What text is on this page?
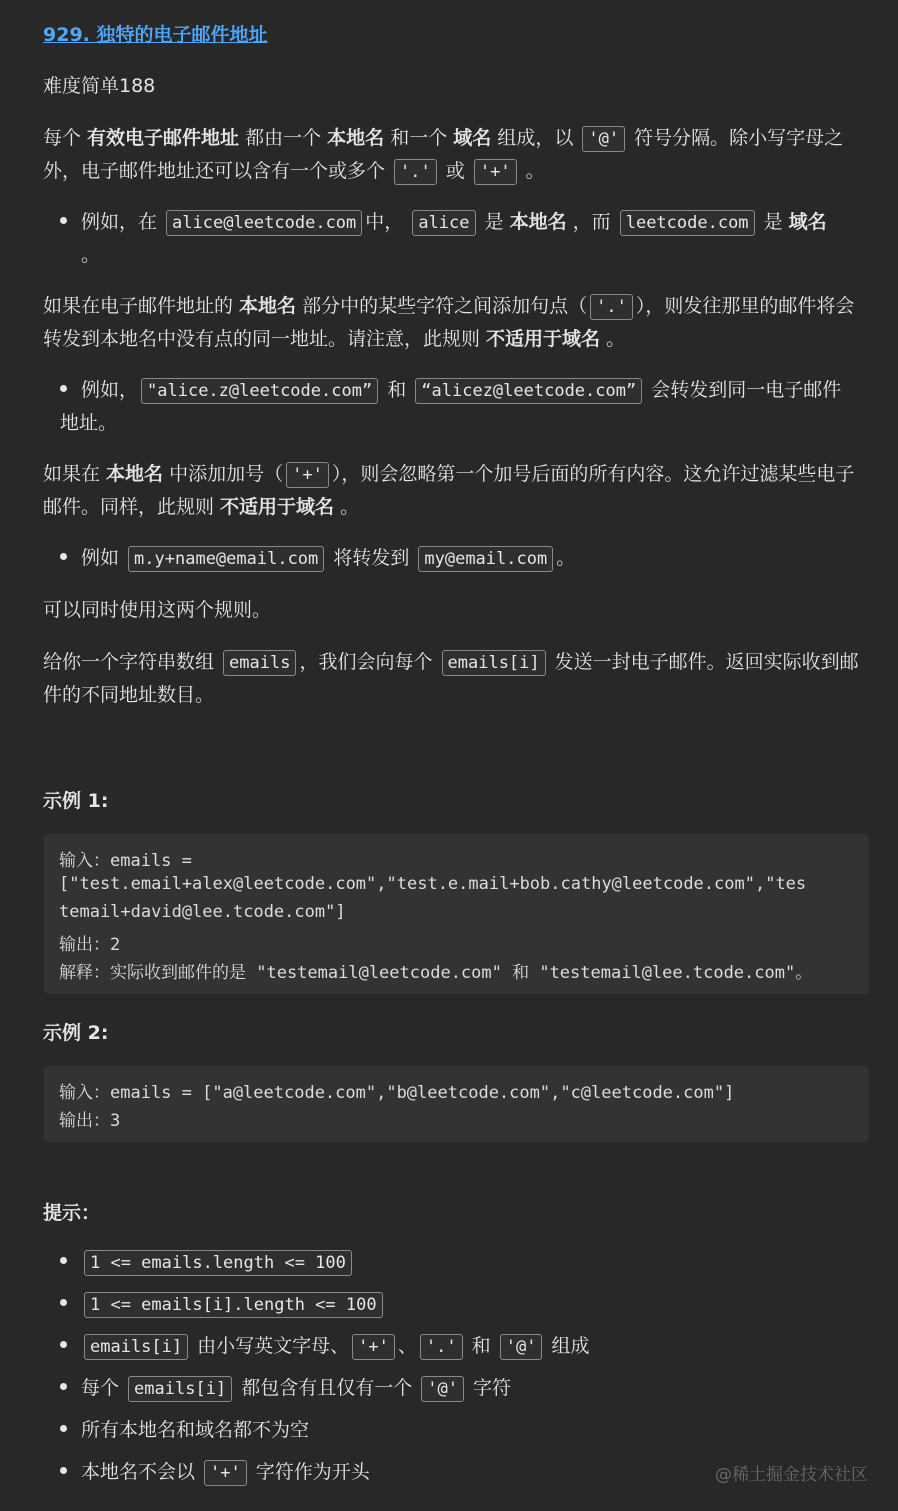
929. 独特的电子邮件地址
难度简单188
每个 有效电子邮件地址 都由一个 本地名 和一个 域名 组成，以 '@' 符号分隔。除小写字母之外，电子邮件地址还可以含有一个或多个 '.' 或 '+' 。
例如，在 alice@leetcode.com 中， alice 是 本地名 ，而 leetcode.com 是 域名
。
如果在电子邮件地址的 本地名 部分中的某些字符之间添加句点（ '.' ），则发往那里的邮件将会转发到本地名中没有点的同一地址。请注意，此规则 不适用于域名 。
例如， "alice.z@leetcode.com” 和 “alicez@leetcode.com” 会转发到同一电子邮件地址。
如果在 本地名 中添加加号（ '+' ），则会忽略第一个加号后面的所有内容。这允许过滤某些电子邮件。同样，此规则 不适用于域名 。
例如 m.y+name@email.com 将转发到 my@email.com 。
可以同时使用这两个规则。
给你一个字符串数组 emails ，我们会向每个 emails[i] 发送一封电子邮件。返回实际收到邮件的不同地址数目。
示例 1:
输入：emails =
["test.email+alex@leetcode.com","test.e.mail+bob.cathy@leetcode.com","tes
temail+david@lee.tcode.com"]
输出：2
解释：实际收到邮件的是 "testemail@leetcode.com" 和 "testemail@lee.tcode.com"。
示例 2:
输入：emails = ["a@leetcode.com","b@leetcode.com","c@leetcode.com"]
输出：3
提示：
1 <= emails.length <= 100
1 <= emails[i].length <= 100
emails[i] 由小写英文字母、 '+' 、 '.' 和 '@' 组成
每个 emails[i] 都包含有且仅有一个 '@' 字符
所有本地名和域名都不为空
本地名不会以 '+' 字符作为开头	@稀土掘金技术社区
